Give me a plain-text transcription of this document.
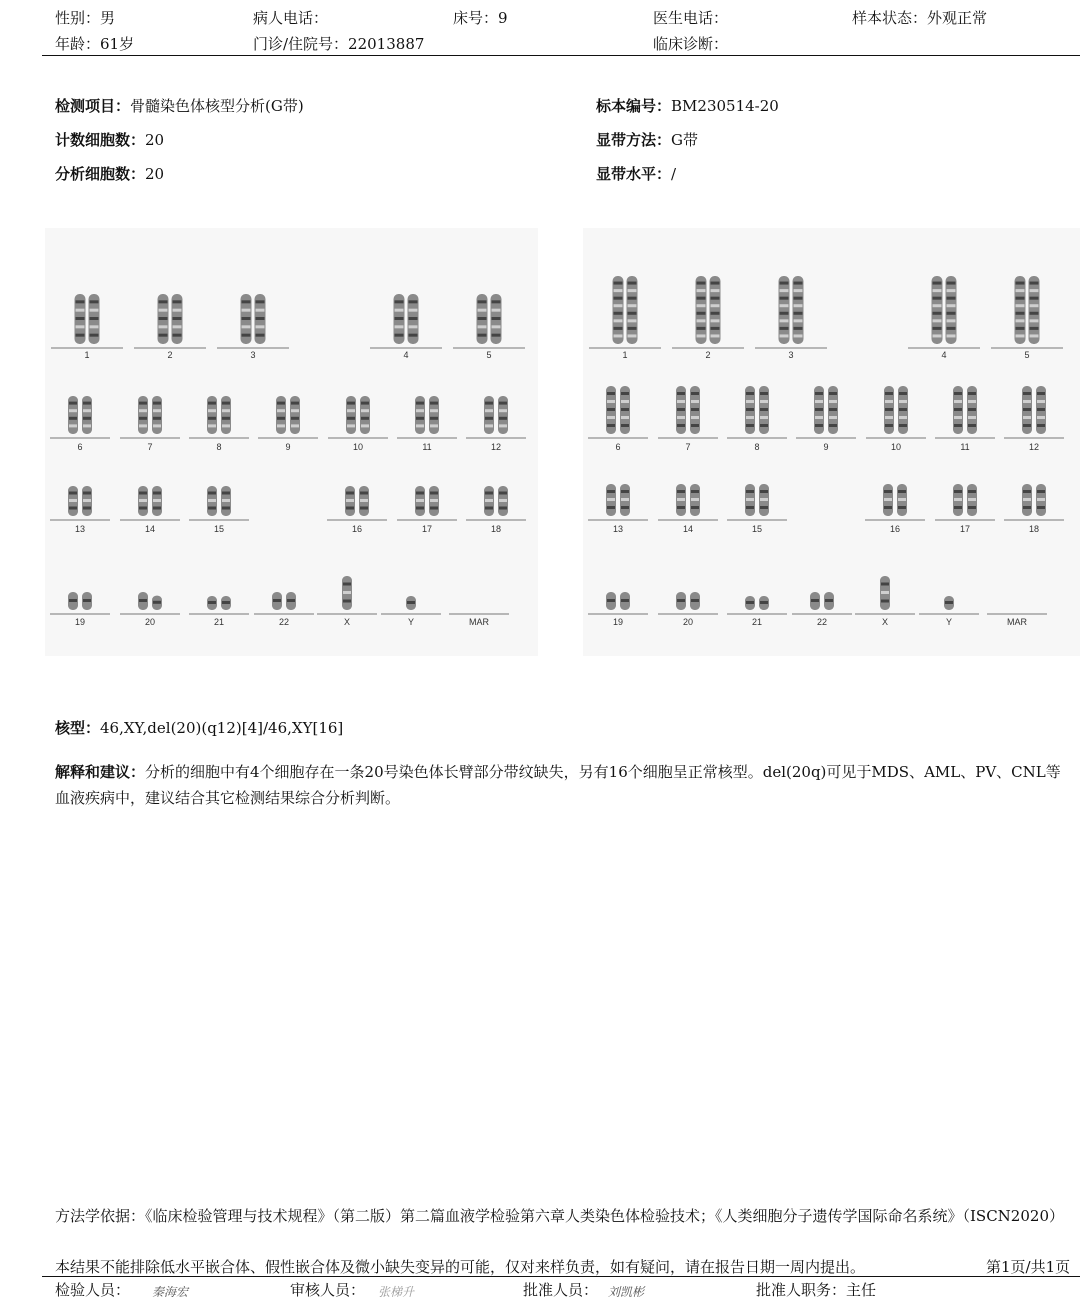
性别：男
年龄：61岁
病人电话：
门诊/住院号：22013887
床号：9	医生电话：
临床诊断：
样本状态：外观正常
检测项目：骨髓染色体核型分析(G带)
计数细胞数：20
分析细胞数：20
标本编号：BM230514-20
显带方法：G带
显带水平：/
1	2	3	4	5
6	7	8	9	10	11	12
13	14	15	16	17	18
19	20	21	22	X	Y	MAR
1	2	3	4	5
6	7	8	9	10	11	12
13	14	15	16	17	18
19	20	21	22	X	Y	MAR
核型：46,XY,del(20)(q12)[4]/46,XY[16]
解释和建议：分析的细胞中有4个细胞存在一条20号染色体长臂部分带纹缺失，另有16个细胞呈正常核型。del(20q)可见于MDS、AML、PV、CNL等血液疾病中，建议结合其它检测结果综合分析判断。
方法学依据：《临床检验管理与技术规程》（第二版）第二篇血液学检验第六章人类染色体检验技术；《人类细胞分子遗传学国际命名系统》（ISCN2020）
本结果不能排除低水平嵌合体、假性嵌合体及微小缺失变异的可能，仅对来样负责，如有疑问，请在报告日期一周内提出。	第1页/共1页
检验人员： 秦海宏	审核人员： 张梯升	批准人员： 刘凯彬	批准人职务：主任
